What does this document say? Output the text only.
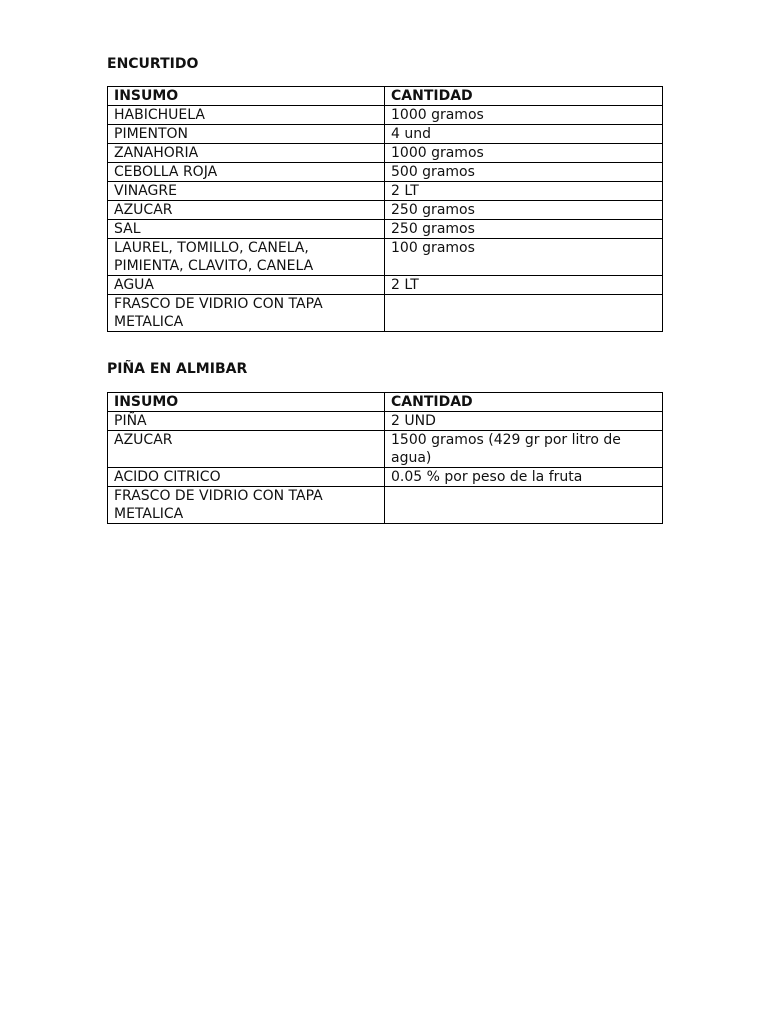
ENCURTIDO
INSUMO	CANTIDAD
HABICHUELA	1000 gramos
PIMENTON	4 und
ZANAHORIA	1000 gramos
CEBOLLA ROJA	500 gramos
VINAGRE	2 LT
AZUCAR	250 gramos
SAL	250 gramos
LAUREL, TOMILLO, CANELA, PIMIENTA, CLAVITO, CANELA	100 gramos
AGUA	2 LT
FRASCO DE VIDRIO CON TAPA METALICA	
PIÑA EN ALMIBAR
INSUMO	CANTIDAD
PIÑA	2 UND
AZUCAR	1500 gramos (429 gr por litro de agua)
ACIDO CITRICO	0.05 % por peso de la fruta
FRASCO DE VIDRIO CON TAPA METALICA	
